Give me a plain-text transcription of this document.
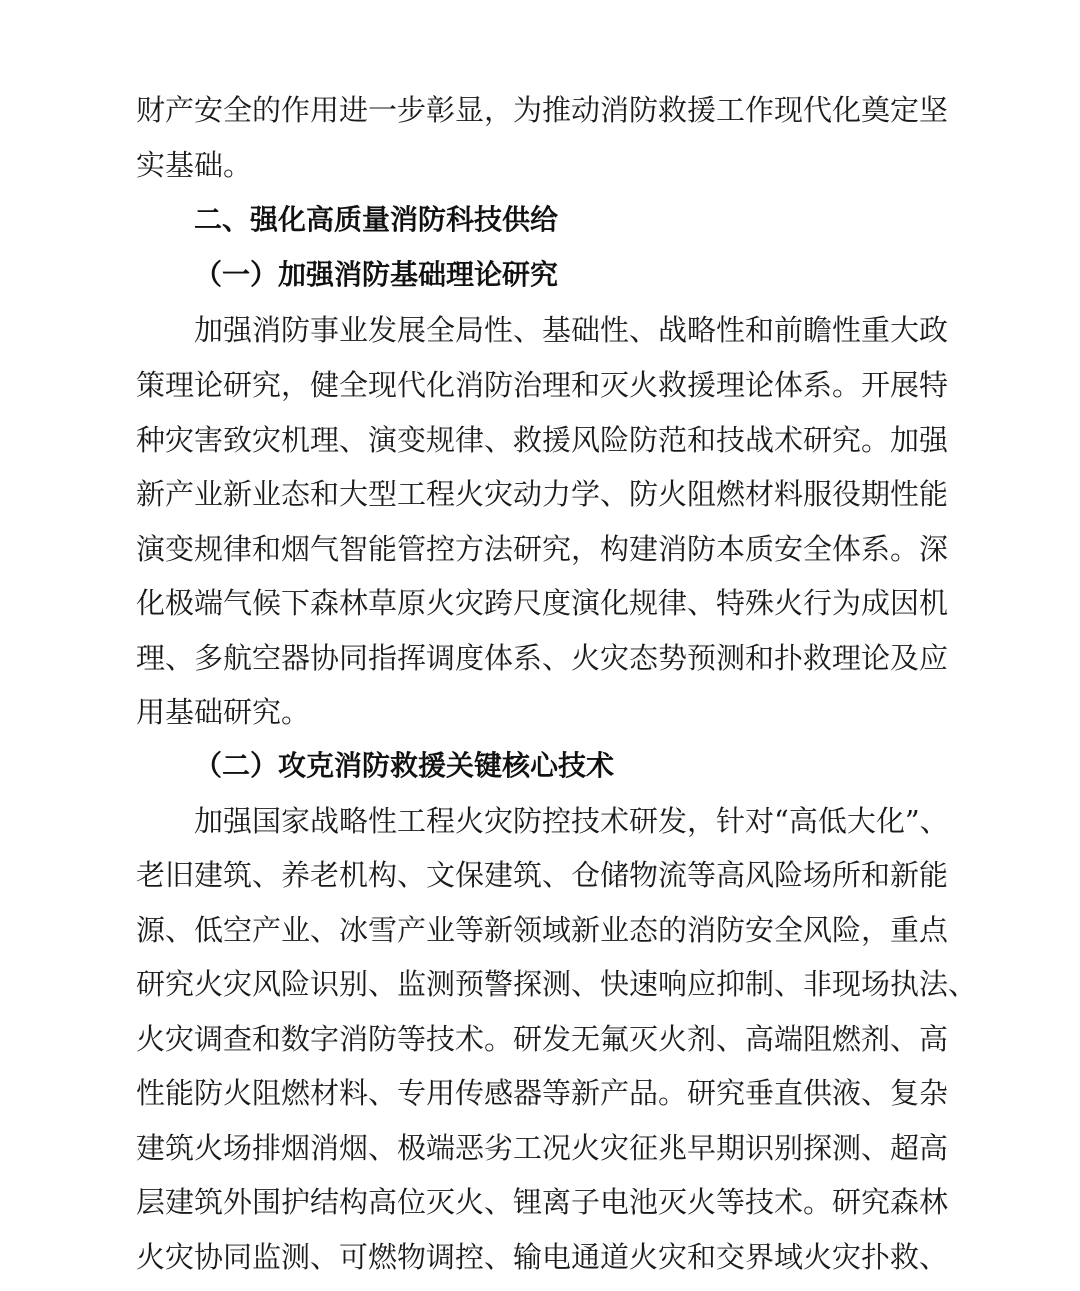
财产安全的作用进一步彰显，为推动消防救援工作现代化奠定坚
实基础。
二、强化高质量消防科技供给
（一）加强消防基础理论研究
加强消防事业发展全局性、基础性、战略性和前瞻性重大政
策理论研究，健全现代化消防治理和灭火救援理论体系。开展特
种灾害致灾机理、演变规律、救援风险防范和技战术研究。加强
新产业新业态和大型工程火灾动力学、防火阻燃材料服役期性能
演变规律和烟气智能管控方法研究，构建消防本质安全体系。深
化极端气候下森林草原火灾跨尺度演化规律、特殊火行为成因机
理、多航空器协同指挥调度体系、火灾态势预测和扑救理论及应
用基础研究。
（二）攻克消防救援关键核心技术
加强国家战略性工程火灾防控技术研发，针对“高低大化”、
老旧建筑、养老机构、文保建筑、仓储物流等高风险场所和新能
源、低空产业、冰雪产业等新领域新业态的消防安全风险，重点
研究火灾风险识别、监测预警探测、快速响应抑制、非现场执法、
火灾调查和数字消防等技术。研发无氟灭火剂、高端阻燃剂、高
性能防火阻燃材料、专用传感器等新产品。研究垂直供液、复杂
建筑火场排烟消烟、极端恶劣工况火灾征兆早期识别探测、超高
层建筑外围护结构高位灭火、锂离子电池灭火等技术。研究森林
火灾协同监测、可燃物调控、输电通道火灾和交界域火灾扑救、
